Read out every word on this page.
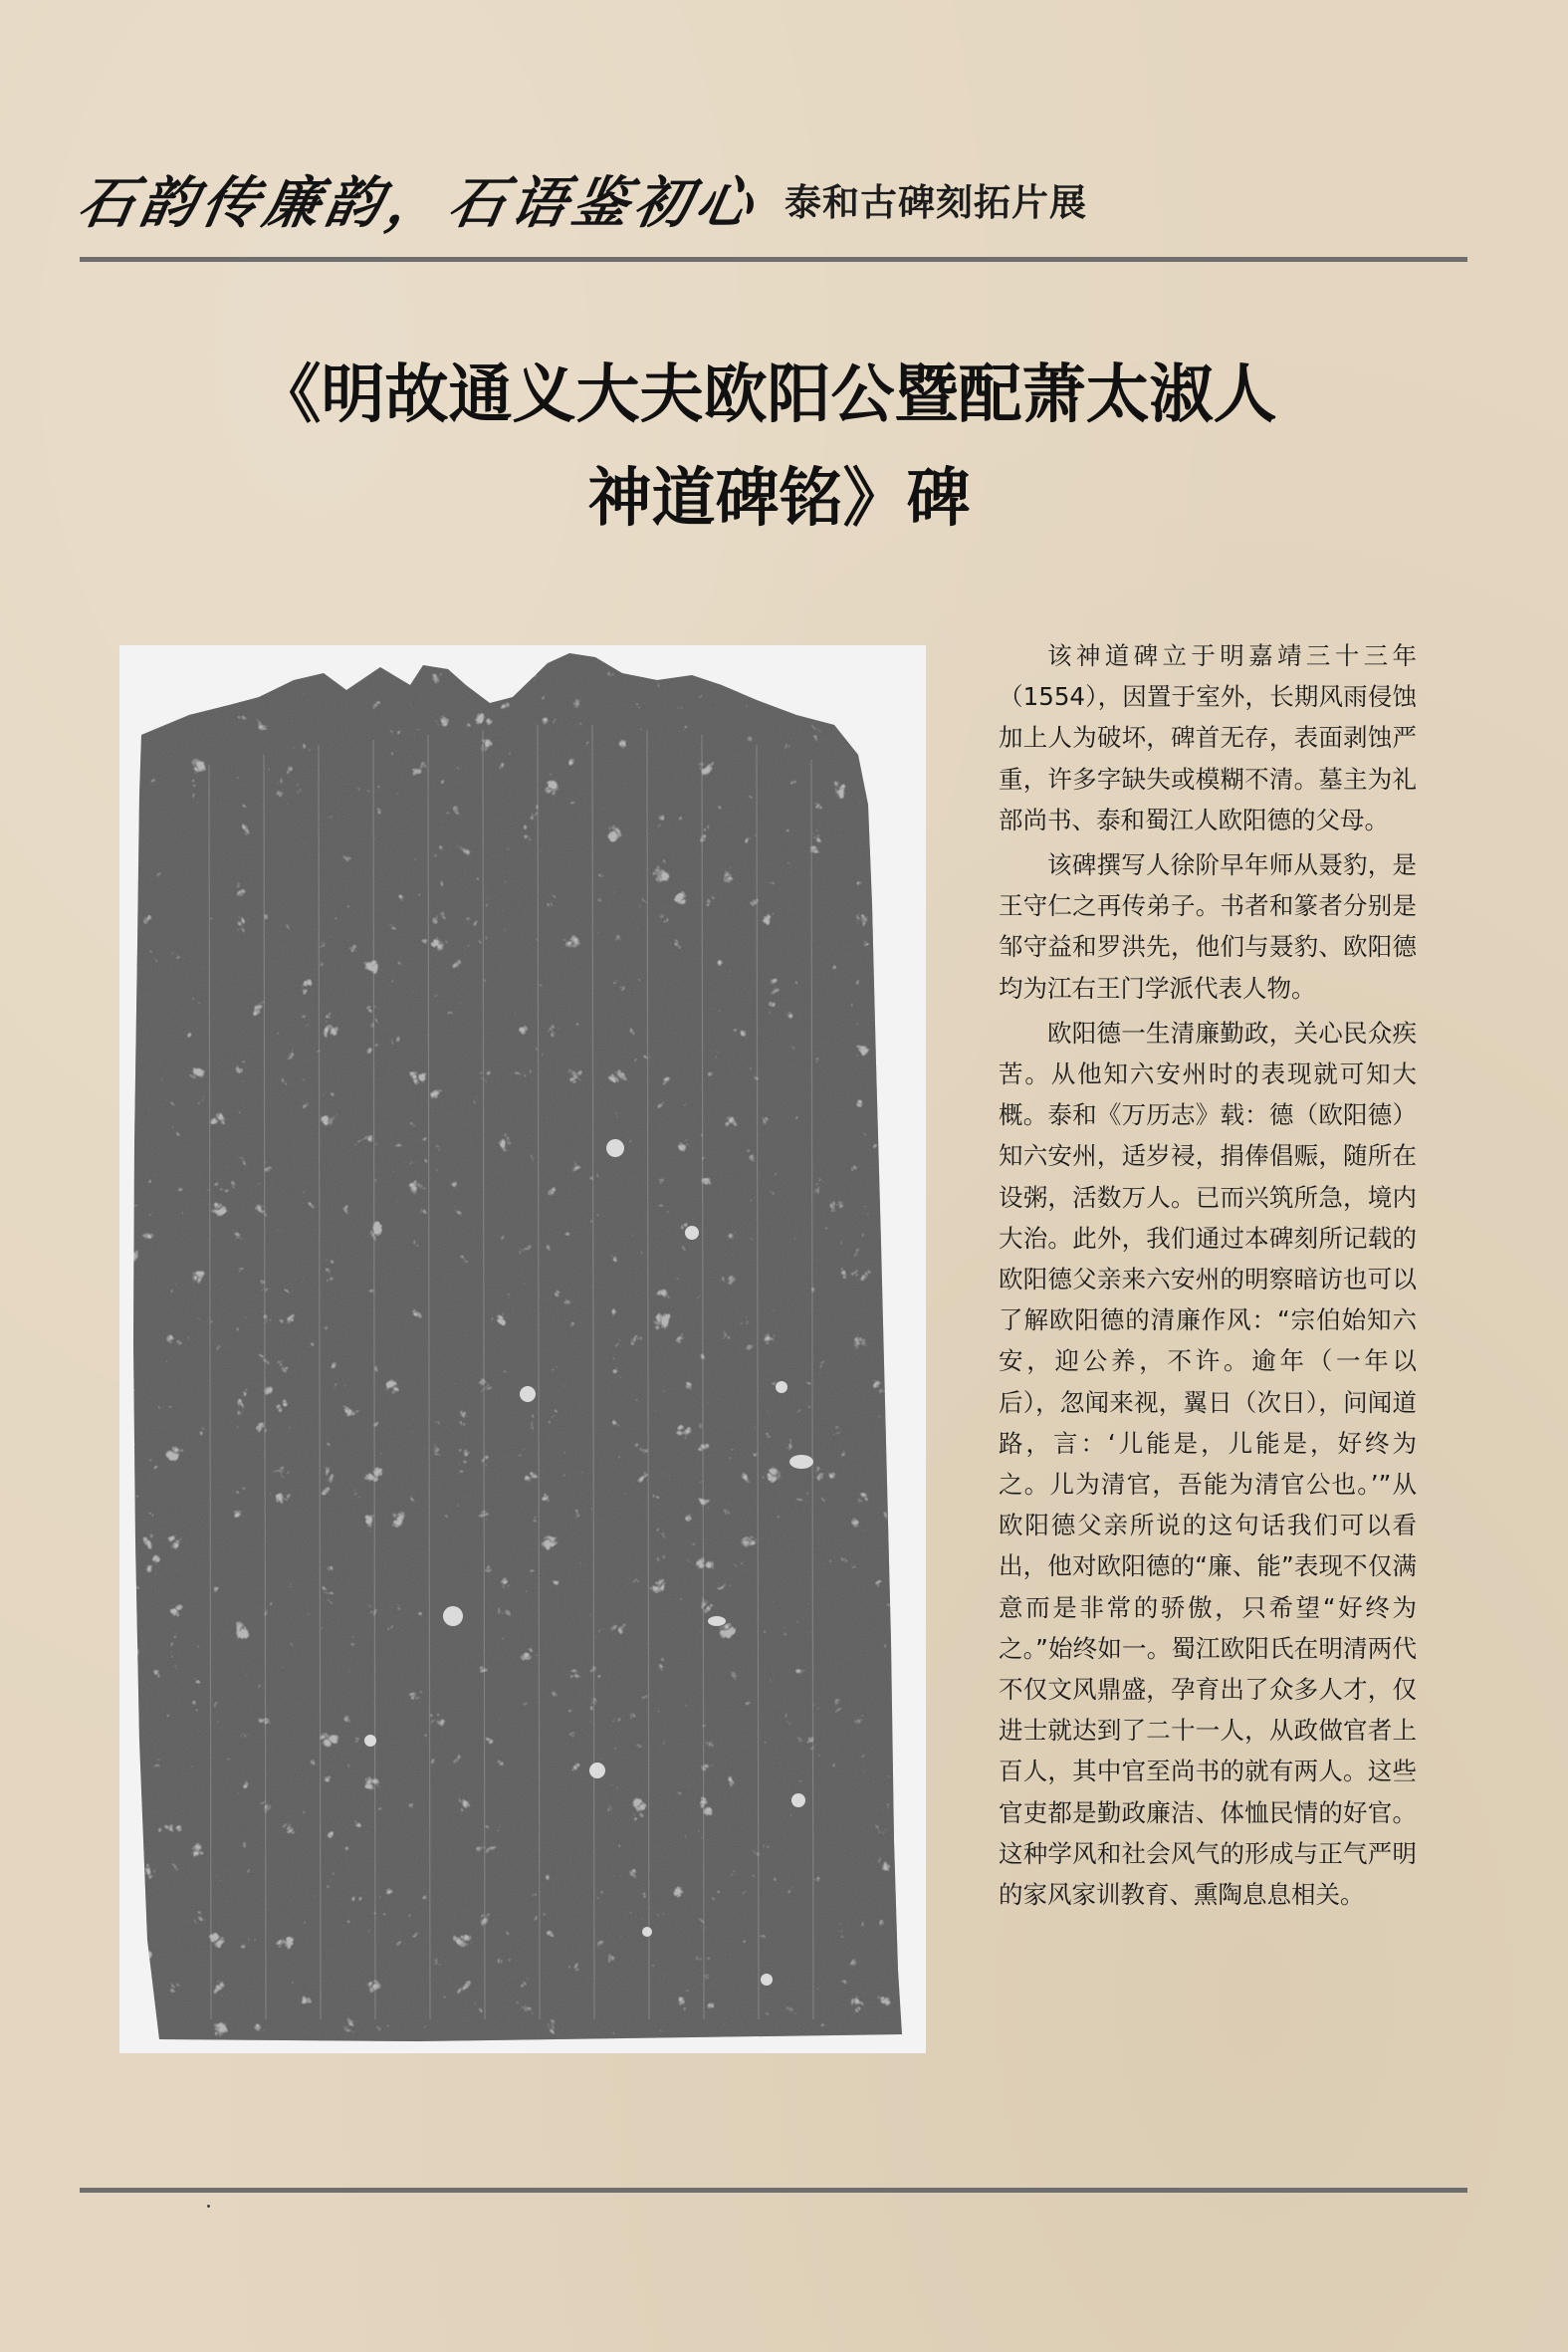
石韵传廉韵，石语鉴初心 泰和古碑刻拓片展
《明故通义大夫欧阳公暨配萧太淑人
神道碑铭》碑

该神道碑立于明嘉靖三十三年（1554），因置于室外，长期风雨侵蚀加上人为破坏，碑首无存，表面剥蚀严重，许多字缺失或模糊不清。墓主为礼部尚书、泰和蜀江人欧阳德的父母。

该碑撰写人徐阶早年师从聂豹，是王守仁之再传弟子。书者和篆者分别是邹守益和罗洪先，他们与聂豹、欧阳德均为江右王门学派代表人物。

欧阳德一生清廉勤政，关心民众疾苦。从他知六安州时的表现就可知大概。泰和《万历志》载：德（欧阳德）知六安州，适岁祲，捐俸倡赈，随所在设粥，活数万人。已而兴筑所急，境内大治。此外，我们通过本碑刻所记载的欧阳德父亲来六安州的明察暗访也可以了解欧阳德的清廉作风：“宗伯始知六安，迎公养，不许。逾年（一年以后），忽闻来视，翼日（次日），问闻道路，言：‘儿能是，儿能是，好终为之。儿为清官，吾能为清官公也。’”从欧阳德父亲所说的这句话我们可以看出，他对欧阳德的“廉、能”表现不仅满意而是非常的骄傲，只希望“好终为之。”始终如一。蜀江欧阳氏在明清两代不仅文风鼎盛，孕育出了众多人才，仅进士就达到了二十一人，从政做官者上百人，其中官至尚书的就有两人。这些官吏都是勤政廉洁、体恤民情的好官。这种学风和社会风气的形成与正气严明的家风家训教育、熏陶息息相关。
